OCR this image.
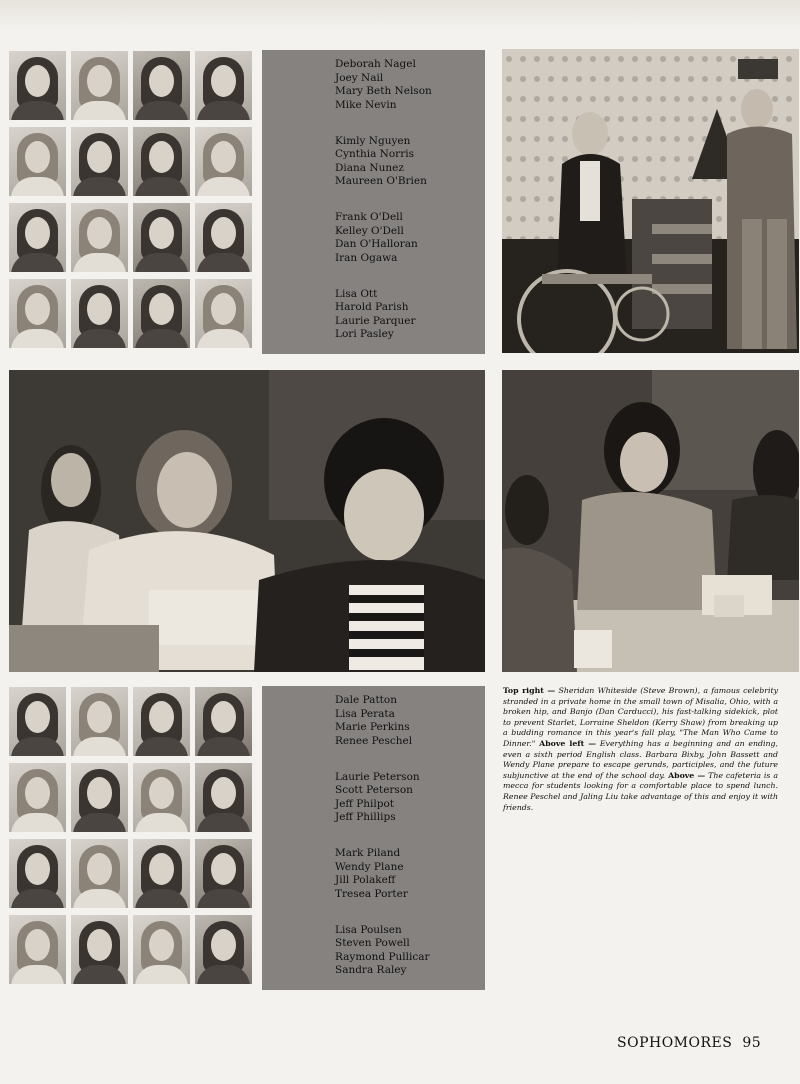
Deborah Nagel
Joey Nail
Mary Beth Nelson
Mike Nevin
Kimly Nguyen
Cynthia Norris
Diana Nunez
Maureen O'Brien
Frank O'Dell
Kelley O'Dell
Dan O'Halloran
Iran Ogawa
Lisa Ott
Harold Parish
Laurie Parquer
Lori Pasley
Dale Patton
Lisa Perata
Marie Perkins
Renee Peschel
Laurie Peterson
Scott Peterson
Jeff Philpot
Jeff Phillips
Mark Piland
Wendy Plane
Jill Polakeff
Tresea Porter
Lisa Poulsen
Steven Powell
Raymond Pullicar
Sandra Raley
Top right — Sheridan Whiteside (Steve Brown), a famous celebrity stranded in a private home in the small town of Misalia, Ohio, with a broken hip, and Banjo (Dan Carducci), his fast-talking sidekick, plot to prevent Starlet, Lorraine Sheldon (Kerry Shaw) from breaking up a budding romance in this year's fall play, "The Man Who Came to Dinner." Above left — Everything has a beginning and an ending, even a sixth period English class. Barbara Bixby, John Bassett and Wendy Plane prepare to escape gerunds, participles, and the future subjunctive at the end of the school day. Above — The cafeteria is a mecca for students looking for a comfortable place to spend lunch. Renee Peschel and Jaling Liu take advantage of this and enjoy it with friends.
SOPHOMORES 95
